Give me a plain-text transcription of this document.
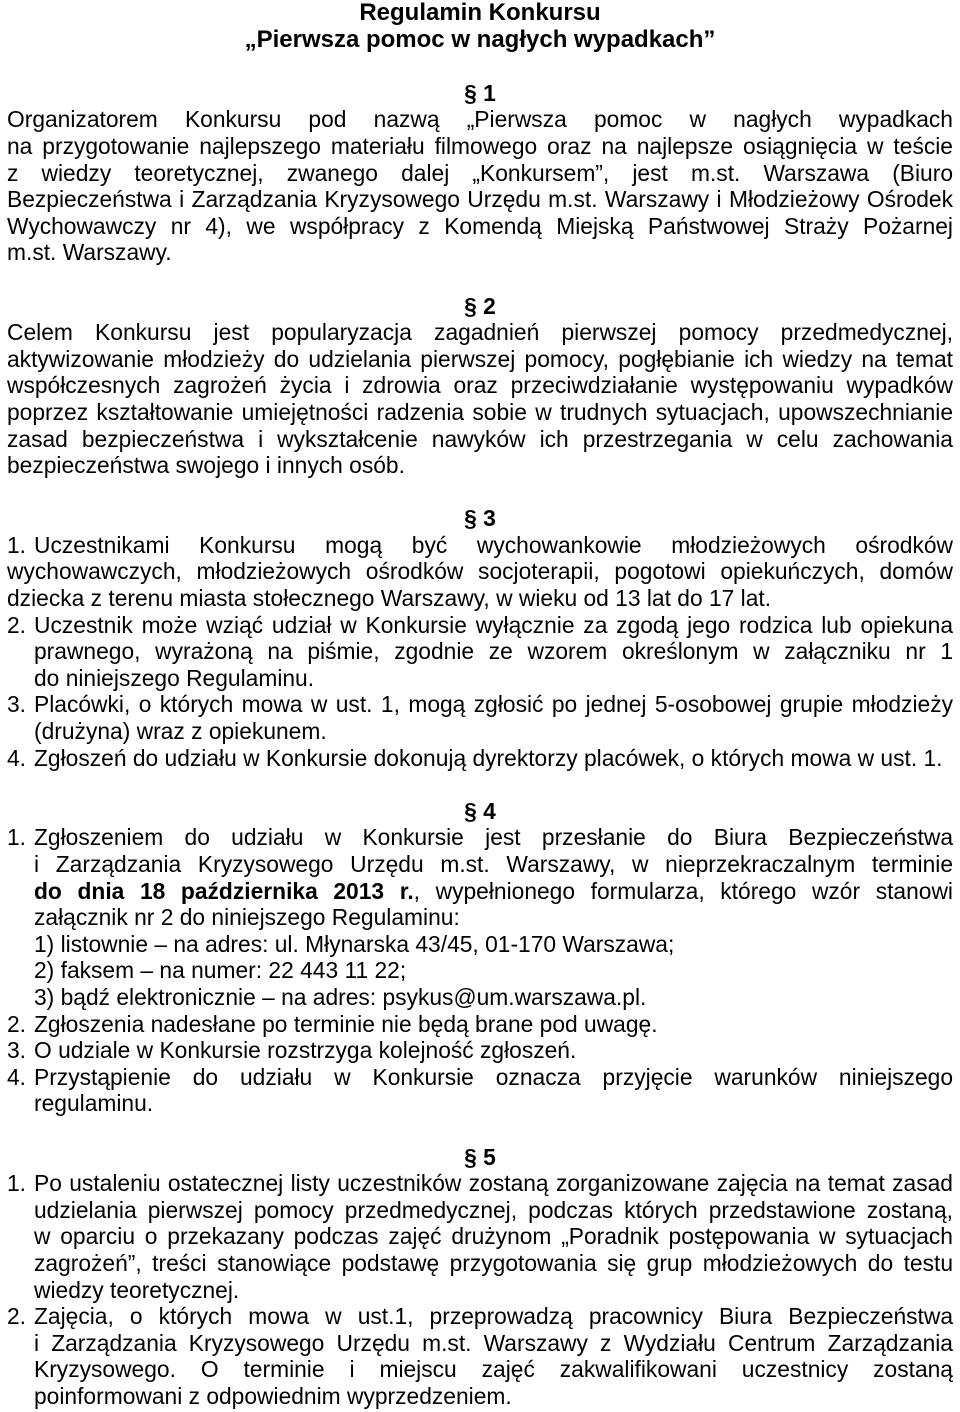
Regulamin Konkursu
„Pierwsza pomoc w nagłych wypadkach”
§ 1
Organizatorem Konkursu pod nazwą „Pierwsza pomoc w nagłych wypadkach
na przygotowanie najlepszego materiału filmowego oraz na najlepsze osiągnięcia w teście
z wiedzy teoretycznej, zwanego dalej „Konkursem”, jest m.st. Warszawa (Biuro
Bezpieczeństwa i Zarządzania Kryzysowego Urzędu m.st. Warszawy i Młodzieżowy Ośrodek
Wychowawczy nr 4), we współpracy z Komendą Miejską Państwowej Straży Pożarnej
m.st. Warszawy.
§ 2
Celem Konkursu jest popularyzacja zagadnień pierwszej pomocy przedmedycznej,
aktywizowanie młodzieży do udzielania pierwszej pomocy, pogłębianie ich wiedzy na temat
współczesnych zagrożeń życia i zdrowia oraz przeciwdziałanie występowaniu wypadków
poprzez kształtowanie umiejętności radzenia sobie w trudnych sytuacjach, upowszechnianie
zasad bezpieczeństwa i wykształcenie nawyków ich przestrzegania w celu zachowania
bezpieczeństwa swojego i innych osób.
§ 3
1. Uczestnikami Konkursu mogą być wychowankowie młodzieżowych ośrodków
wychowawczych, młodzieżowych ośrodków socjoterapii, pogotowi opiekuńczych, domów
dziecka z terenu miasta stołecznego Warszawy, w wieku od 13 lat do 17 lat.
2. Uczestnik może wziąć udział w Konkursie wyłącznie za zgodą jego rodzica lub opiekuna
prawnego, wyrażoną na piśmie, zgodnie ze wzorem określonym w załączniku nr 1
do niniejszego Regulaminu.
3. Placówki, o których mowa w ust. 1, mogą zgłosić po jednej 5-osobowej grupie młodzieży
(drużyna) wraz z opiekunem.
4. Zgłoszeń do udziału w Konkursie dokonują dyrektorzy placówek, o których mowa w ust. 1.
§ 4
1. Zgłoszeniem do udziału w Konkursie jest przesłanie do Biura Bezpieczeństwa
i Zarządzania Kryzysowego Urzędu m.st. Warszawy, w nieprzekraczalnym terminie
do dnia 18 października 2013 r., wypełnionego formularza, którego wzór stanowi
załącznik nr 2 do niniejszego Regulaminu:
1) listownie – na adres: ul. Młynarska 43/45, 01-170 Warszawa;
2) faksem – na numer: 22 443 11 22;
3) bądź elektronicznie – na adres: psykus@um.warszawa.pl.
2. Zgłoszenia nadesłane po terminie nie będą brane pod uwagę.
3. O udziale w Konkursie rozstrzyga kolejność zgłoszeń.
4. Przystąpienie do udziału w Konkursie oznacza przyjęcie warunków niniejszego
regulaminu.
§ 5
1. Po ustaleniu ostatecznej listy uczestników zostaną zorganizowane zajęcia na temat zasad
udzielania pierwszej pomocy przedmedycznej, podczas których przedstawione zostaną,
w oparciu o przekazany podczas zajęć drużynom „Poradnik postępowania w sytuacjach
zagrożeń”, treści stanowiące podstawę przygotowania się grup młodzieżowych do testu
wiedzy teoretycznej.
2. Zajęcia, o których mowa w ust.1, przeprowadzą pracownicy Biura Bezpieczeństwa
i Zarządzania Kryzysowego Urzędu m.st. Warszawy z Wydziału Centrum Zarządzania
Kryzysowego. O terminie i miejscu zajęć zakwalifikowani uczestnicy zostaną
poinformowani z odpowiednim wyprzedzeniem.
